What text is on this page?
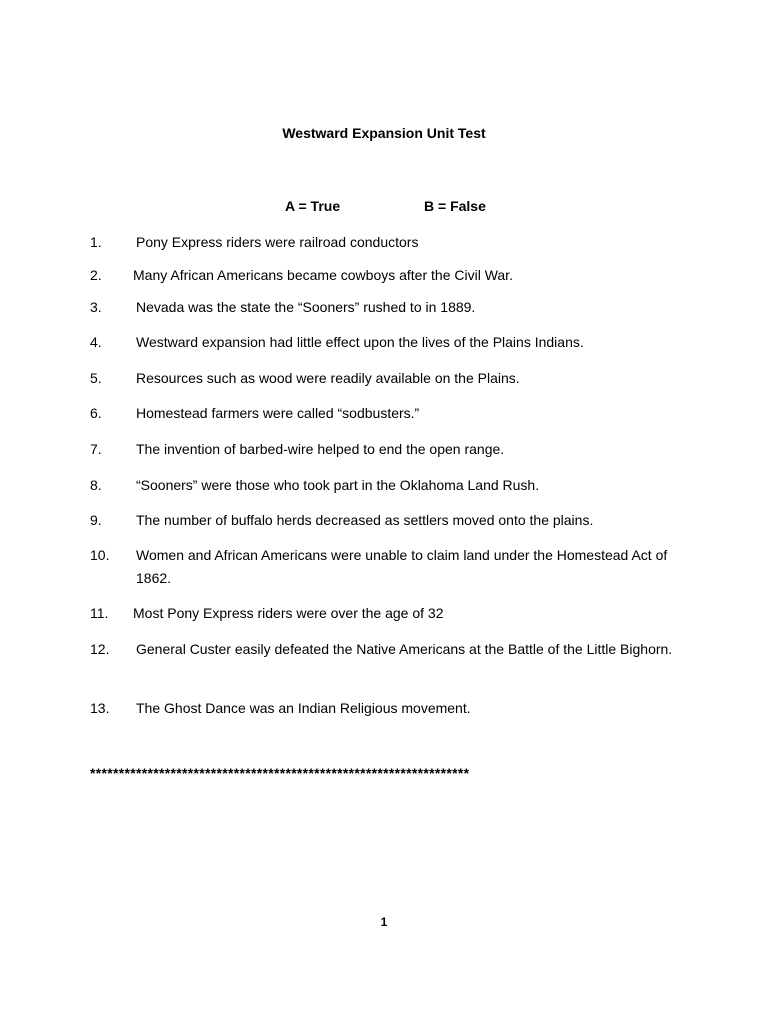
Westward Expansion Unit Test
A = True	B = False
1. Pony Express riders were railroad conductors
2. Many African Americans became cowboys after the Civil War.
3. Nevada was the state the “Sooners” rushed to in 1889.
4. Westward expansion had little effect upon the lives of the Plains Indians.
5. Resources such as wood were readily available on the Plains.
6. Homestead farmers were called “sodbusters.”
7. The invention of barbed-wire helped to end the open range.
8. “Sooners” were those who took part in the Oklahoma Land Rush.
9. The number of buffalo herds decreased as settlers moved onto the plains.
10. Women and African Americans were unable to claim land under the Homestead Act of 1862.
11. Most Pony Express riders were over the age of 32
12. General Custer easily defeated the Native Americans at the Battle of the Little Bighorn.
13. The Ghost Dance was an Indian Religious movement.
******************************************************************
1
